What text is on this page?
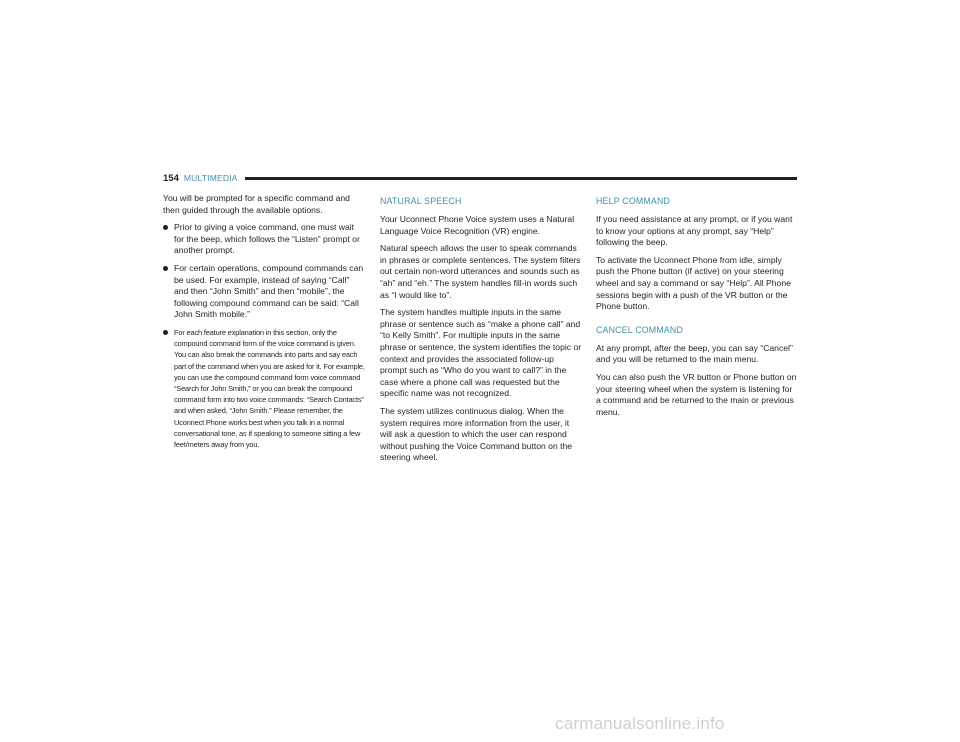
154 MULTIMEDIA

You will be prompted for a specific command and then guided through the available options.

Prior to giving a voice command, one must wait for the beep, which follows the “Listen” prompt or another prompt.
For certain operations, compound commands can be used. For example, instead of saying “Call” and then “John Smith” and then “mobile”, the following compound command can be said: “Call John Smith mobile.”
For each feature explanation in this section, only the compound command form of the voice command is given. You can also break the commands into parts and say each part of the command when you are asked for it. For example, you can use the compound command form voice command “Search for John Smith,” or you can break the compound command form into two voice commands: “Search Contacts” and when asked, “John Smith.” Please remember, the Uconnect Phone works best when you talk in a normal conversational tone, as if speaking to someone sitting a few feet/meters away from you.
NATURAL SPEECH

Your Uconnect Phone Voice system uses a Natural Language Voice Recognition (VR) engine.

Natural speech allows the user to speak commands in phrases or complete sentences. The system filters out certain non-word utterances and sounds such as “ah” and “eh.” The system handles fill-in words such as “I would like to”.

The system handles multiple inputs in the same phrase or sentence such as “make a phone call” and “to Kelly Smith”. For multiple inputs in the same phrase or sentence, the system identifies the topic or context and provides the associated follow-up prompt such as “Who do you want to call?” in the case where a phone call was requested but the specific name was not recognized.

The system utilizes continuous dialog. When the system requires more information from the user, it will ask a question to which the user can respond without pushing the Voice Command button on the steering wheel.

HELP COMMAND

If you need assistance at any prompt, or if you want to know your options at any prompt, say “Help” following the beep.

To activate the Uconnect Phone from idle, simply push the Phone button (if active) on your steering wheel and say a command or say “Help”. All Phone sessions begin with a push of the VR button or the Phone button.

CANCEL COMMAND

At any prompt, after the beep, you can say “Cancel” and you will be returned to the main menu.

You can also push the VR button or Phone button on your steering wheel when the system is listening for a command and be returned to the main or previous menu.

carmanualsonline.info
